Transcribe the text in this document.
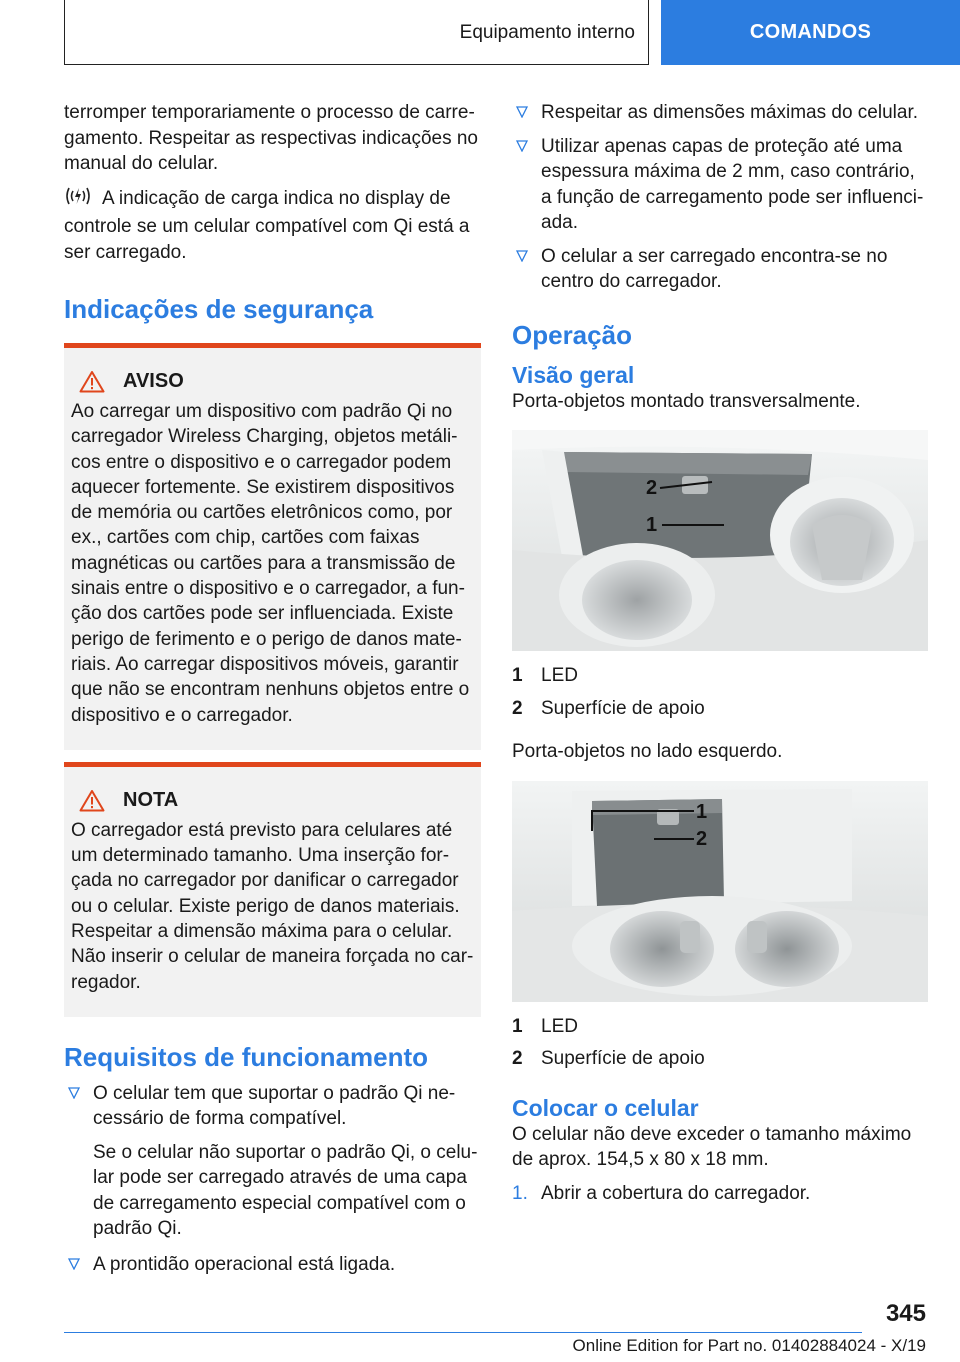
Equipamento interno	COMANDOS

terromper temporariamente o processo de carre-gamento. Respeitar as respectivas indicações no manual do celular.

A indicação de carga indica no display de controle se um celular compatível com Qi está a ser carregado.

Indicações de segurança
AVISO

Ao carregar um dispositivo com padrão Qi no carregador Wireless Charging, objetos metáli-cos entre o dispositivo e o carregador podem aquecer fortemente. Se existirem dispositivos de memória ou cartões eletrônicos como, por ex., cartões com chip, cartões com faixas magnéticas ou cartões para a transmissão de sinais entre o dispositivo e o carregador, a fun-ção dos cartões pode ser influenciada. Existe perigo de ferimento e o perigo de danos mate-riais. Ao carregar dispositivos móveis, garantir que não se encontram nenhuns objetos entre o dispositivo e o carregador.

NOTA

O carregador está previsto para celulares até um determinado tamanho. Uma inserção for-çada no carregador por danificar o carregador ou o celular. Existe perigo de danos materiais. Respeitar a dimensão máxima para o celular. Não inserir o celular de maneira forçada no car-regador.

Requisitos de funcionamento

O celular tem que suportar o padrão Qi ne-cessário de forma compatível.

Se o celular não suportar o padrão Qi, o celu-lar pode ser carregado através de uma capa de carregamento especial compatível com o padrão Qi.

A prontidão operacional está ligada.

Respeitar as dimensões máximas do celular.

Utilizar apenas capas de proteção até uma espessura máxima de 2 mm, caso contrário, a função de carregamento pode ser influenci-ada.

O celular a ser carregado encontra-se no centro do carregador.

Operação
Visão geral

Porta-objetos montado transversalmente.

2
1
1 LED
2 Superfície de apoio

Porta-objetos no lado esquerdo.

1
2
1 LED
2 Superfície de apoio
Colocar o celular

O celular não deve exceder o tamanho máximo de aprox. 154,5 x 80 x 18 mm.

1. Abrir a cobertura do carregador.
345
Online Edition for Part no. 01402884024 - X/19
